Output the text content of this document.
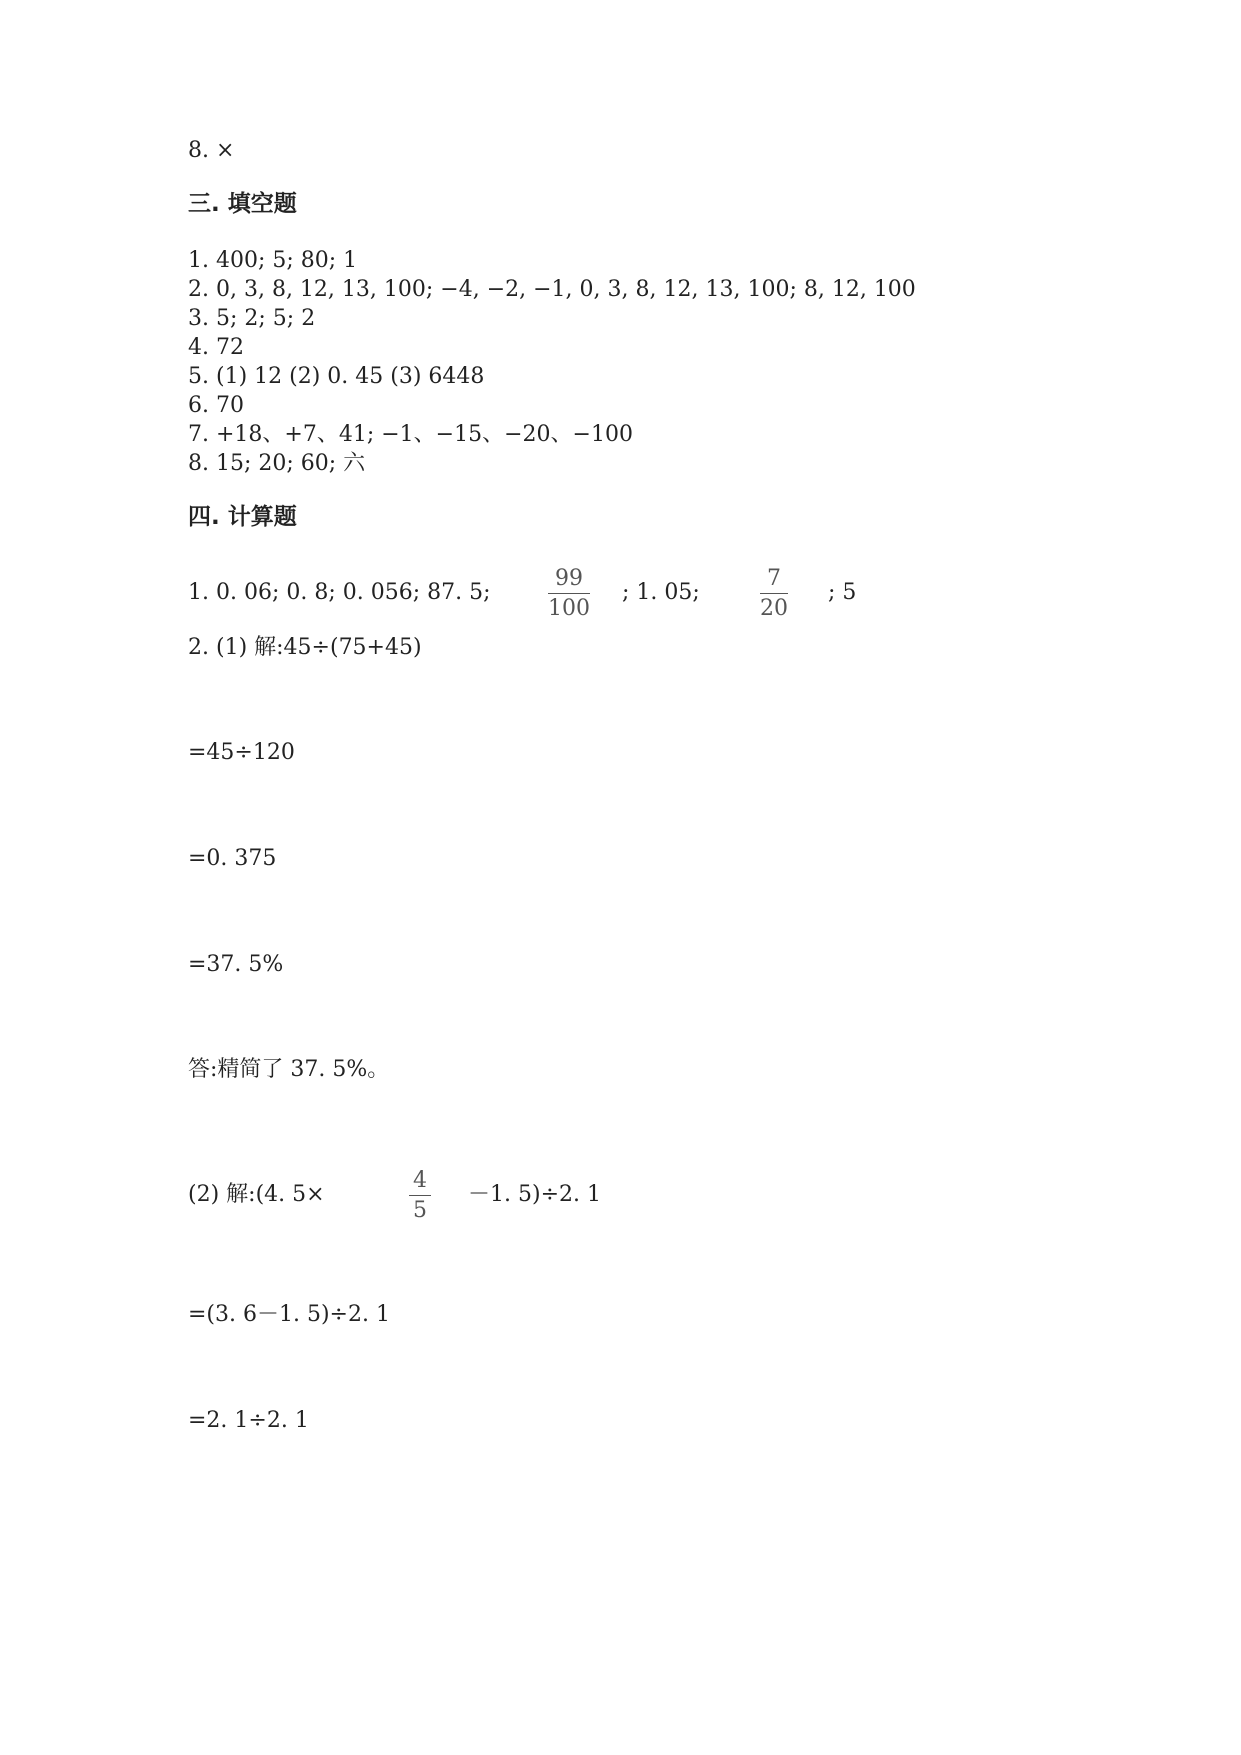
8. ×
三. 填空题
1. 400; 5; 80; 1
2. 0, 3, 8, 12, 13, 100; −4, −2, −1, 0, 3, 8, 12, 13, 100; 8, 12, 100
3. 5; 2; 5; 2
4. 72
5. (1) 12 (2) 0. 45 (3) 6448
6. 70
7. +18、+7、41; −1、−15、−20、−100
8. 15; 20; 60; 六
四. 计算题
1. 0. 06; 0. 8; 0. 056; 87. 5;
99
100
; 1. 05;
7
20
; 5
2. (1) 解:45÷(75+45)
=45÷120
=0. 375
=37. 5%
答:精简了 37. 5%。
(2) 解:(4. 5×
4
5
－1. 5)÷2. 1
=(3. 6－1. 5)÷2. 1
=2. 1÷2. 1
